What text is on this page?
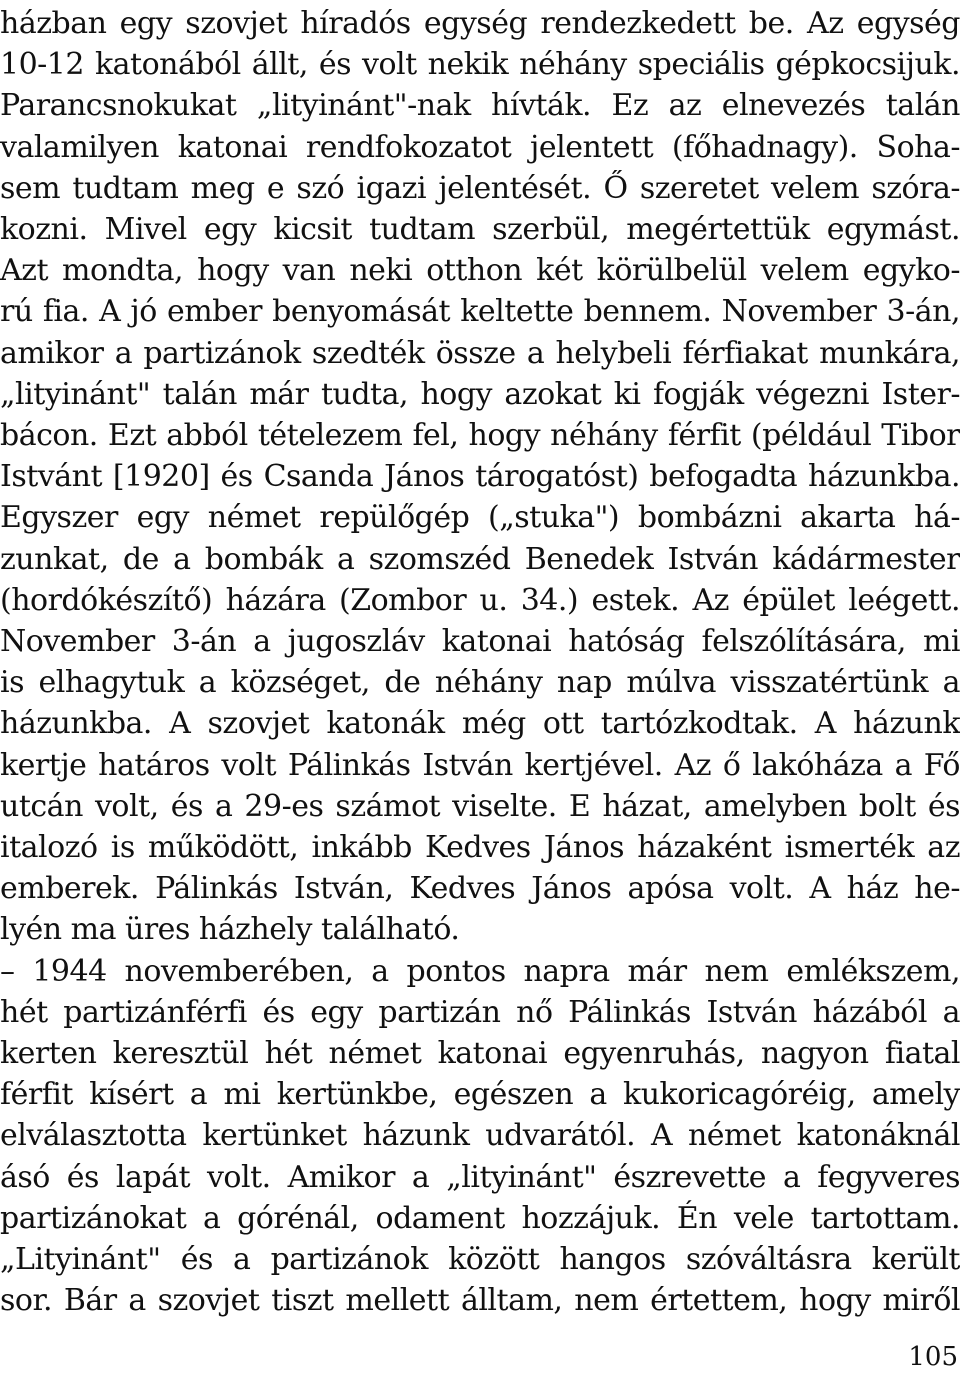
házban egy szovjet híradós egység rendezkedett be. Az egység
10-12 katonából állt, és volt nekik néhány speciális gépkocsijuk.
Parancsnokukat „lityinánt"-nak hívták. Ez az elnevezés talán
valamilyen katonai rendfokozatot jelentett (főhadnagy). Soha-
sem tudtam meg e szó igazi jelentését. Ő szeretet velem szóra-
kozni. Mivel egy kicsit tudtam szerbül, megértettük egymást.
Azt mondta, hogy van neki otthon két körülbelül velem egyko-
rú fia. A jó ember benyomását keltette bennem. November 3-án,
amikor a partizánok szedték össze a helybeli férfiakat munkára,
„lityinánt" talán már tudta, hogy azokat ki fogják végezni Ister-
bácon. Ezt abból tételezem fel, hogy néhány férfit (például Tibor
Istvánt [1920] és Csanda János tárogatóst) befogadta házunkba.
Egyszer egy német repülőgép („stuka") bombázni akarta há-
zunkat, de a bombák a szomszéd Benedek István kádármester
(hordókészítő) házára (Zombor u. 34.) estek. Az épület leégett.
November 3-án a jugoszláv katonai hatóság felszólítására, mi
is elhagytuk a községet, de néhány nap múlva visszatértünk a
házunkba. A szovjet katonák még ott tartózkodtak. A házunk
kertje határos volt Pálinkás István kertjével. Az ő lakóháza a Fő
utcán volt, és a 29-es számot viselte. E házat, amelyben bolt és
italozó is működött, inkább Kedves János házaként ismerték az
emberek. Pálinkás István, Kedves János apósa volt. A ház he-
lyén ma üres házhely található.
– 1944 novemberében, a pontos napra már nem emlékszem,
hét partizánférfi és egy partizán nő Pálinkás István házából a
kerten keresztül hét német katonai egyenruhás, nagyon fiatal
férfit kísért a mi kertünkbe, egészen a kukoricagóréig, amely
elválasztotta kertünket házunk udvarától. A német katonáknál
ásó és lapát volt. Amikor a „lityinánt" észrevette a fegyveres
partizánokat a górénál, odament hozzájuk. Én vele tartottam.
„Lityinánt" és a partizánok között hangos szóváltásra került
sor. Bár a szovjet tiszt mellett álltam, nem értettem, hogy miről
105
